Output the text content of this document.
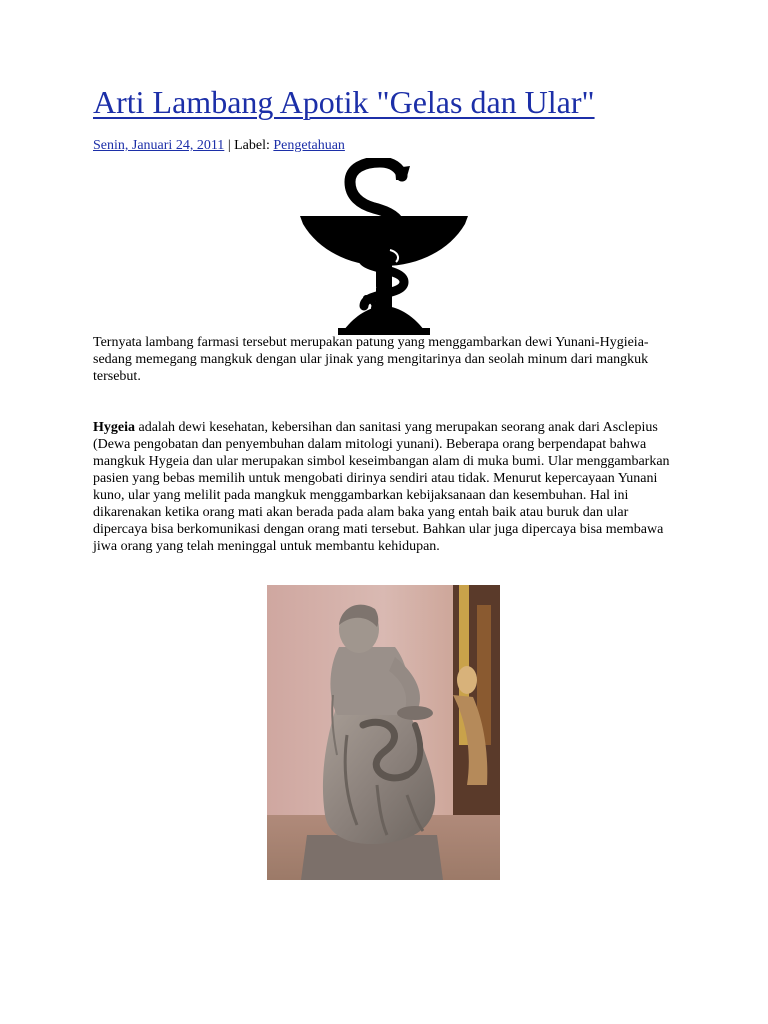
Arti Lambang Apotik "Gelas dan Ular"
Senin, Januari 24, 2011 | Label: Pengetahuan

Ternyata lambang farmasi tersebut merupakan patung yang menggambarkan dewi Yunani-Hygieia-sedang memegang mangkuk dengan ular jinak yang mengitarinya dan seolah minum dari mangkuk tersebut.

Hygeia adalah dewi kesehatan, kebersihan dan sanitasi yang merupakan seorang anak dari Asclepius (Dewa pengobatan dan penyembuhan dalam mitologi yunani). Beberapa orang berpendapat bahwa mangkuk Hygeia dan ular merupakan simbol keseimbangan alam di muka bumi. Ular menggambarkan pasien yang bebas memilih untuk mengobati dirinya sendiri atau tidak. Menurut kepercayaan Yunani kuno, ular yang melilit pada mangkuk menggambarkan kebijaksanaan dan kesembuhan. Hal ini dikarenakan ketika orang mati akan berada pada alam baka yang entah baik atau buruk dan ular dipercaya bisa berkomunikasi dengan orang mati tersebut. Bahkan ular juga dipercaya bisa membawa jiwa orang yang telah meninggal untuk membantu kehidupan.
